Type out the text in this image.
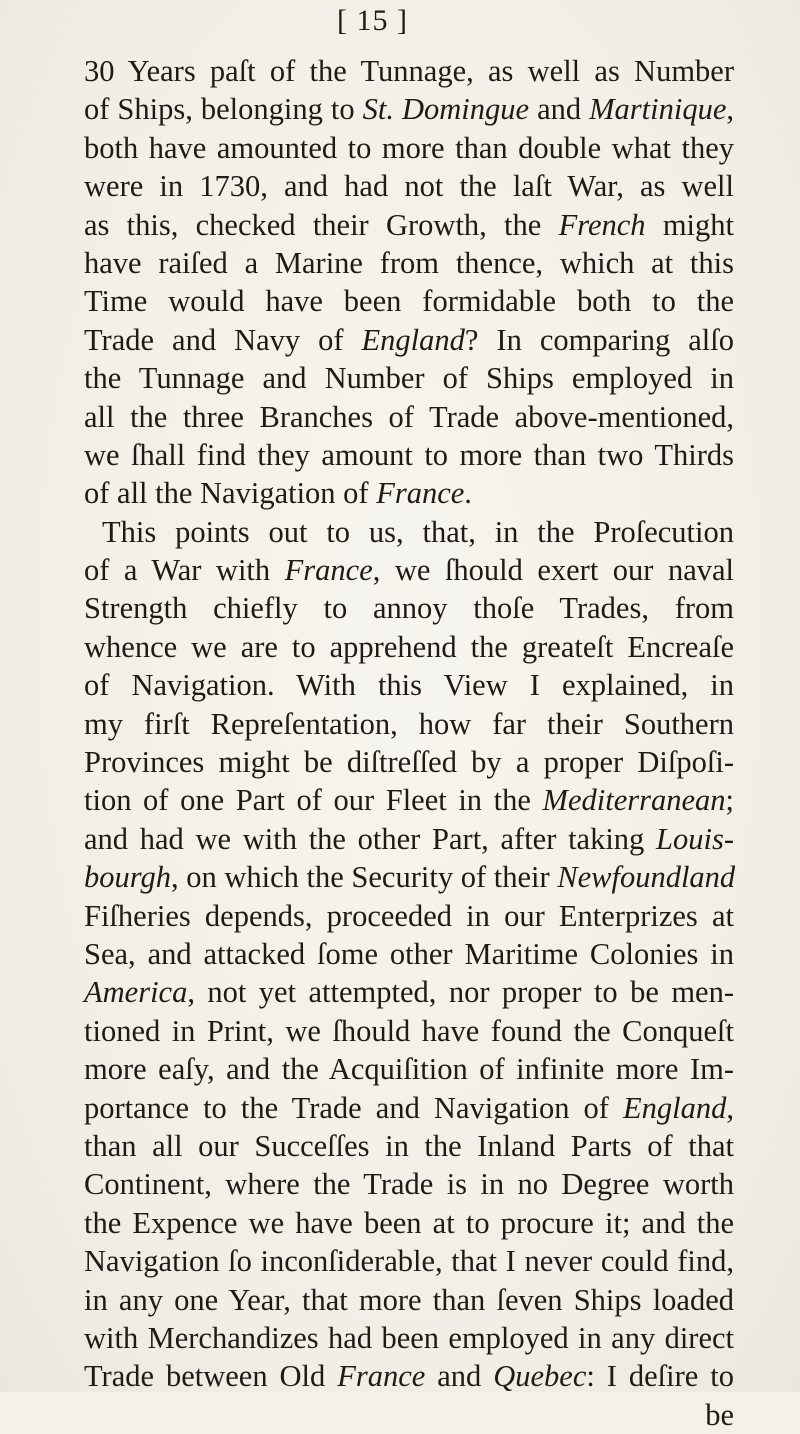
[ 15 ]
30 Years paſt of the Tunnage, as well as Number
of Ships, belonging to St. Domingue and Martinique,
both have amounted to more than double what they
were in 1730, and had not the laſt War, as well
as this, checked their Growth, the French might
have raiſed a Marine from thence, which at this
Time would have been formidable both to the
Trade and Navy of England? In comparing alſo
the Tunnage and Number of Ships employed in
all the three Branches of Trade above-mentioned,
we ſhall find they amount to more than two Thirds
of all the Navigation of France.
This points out to us, that, in the Proſecution
of a War with France, we ſhould exert our naval
Strength chiefly to annoy thoſe Trades, from
whence we are to apprehend the greateſt Encreaſe
of Navigation. With this View I explained, in
my firſt Repreſentation, how far their Southern
Provinces might be diſtreſſed by a proper Diſpoſi-
tion of one Part of our Fleet in the Mediterranean;
and had we with the other Part, after taking Louis-
bourgh, on which the Security of their Newfoundland
Fiſheries depends, proceeded in our Enterprizes at
Sea, and attacked ſome other Maritime Colonies in
America, not yet attempted, nor proper to be men-
tioned in Print, we ſhould have found the Conqueſt
more eaſy, and the Acquiſition of infinite more Im-
portance to the Trade and Navigation of England,
than all our Succeſſes in the Inland Parts of that
Continent, where the Trade is in no Degree worth
the Expence we have been at to procure it; and the
Navigation ſo inconſiderable, that I never could find,
in any one Year, that more than ſeven Ships loaded
with Merchandizes had been employed in any direct
Trade between Old France and Quebec: I deſire to
be
